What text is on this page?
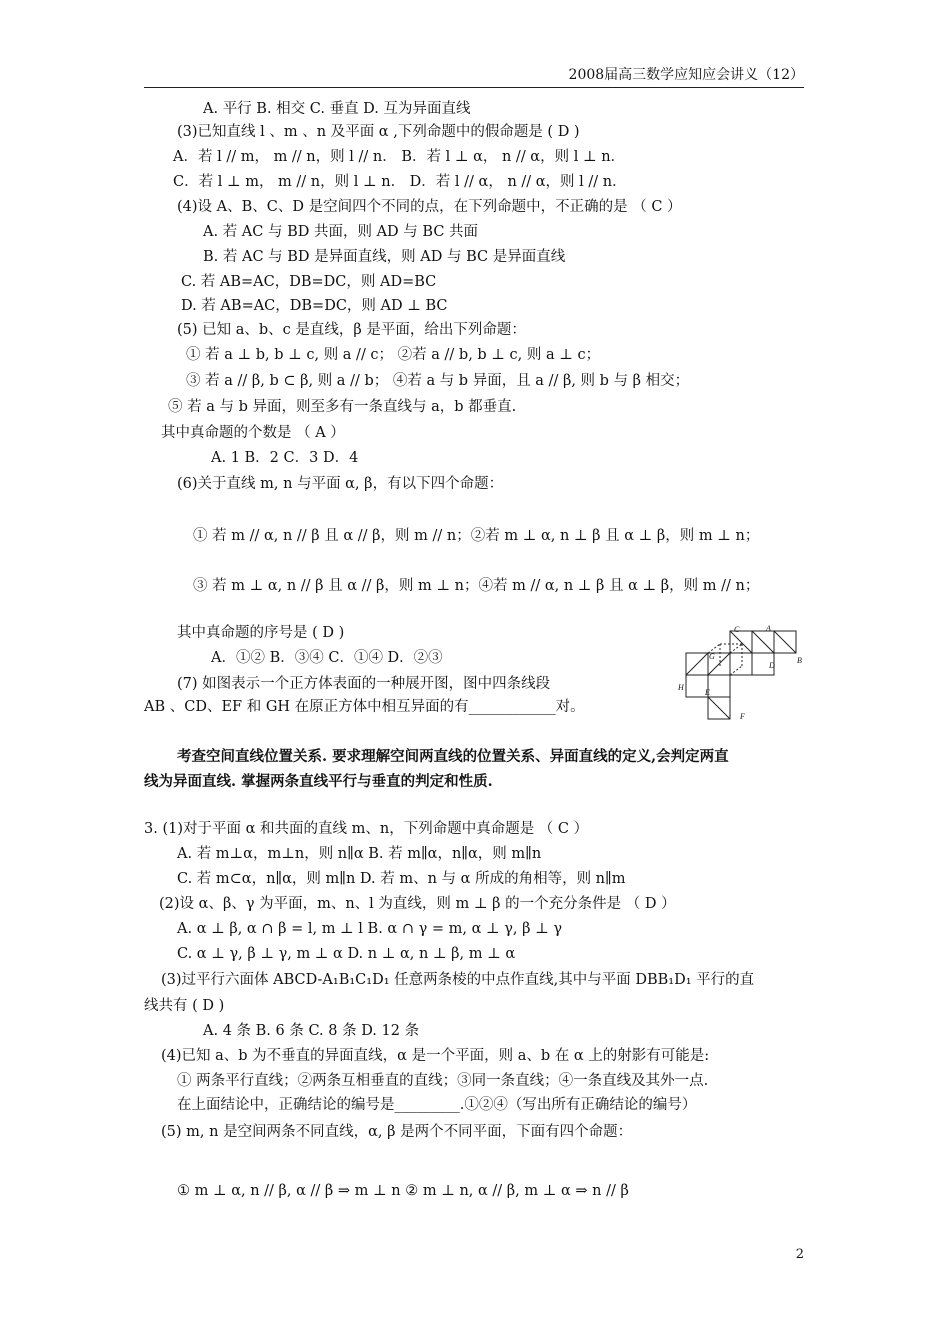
2008届高三数学应知应会讲义（12）
A. 平行 B. 相交 C. 垂直 D. 互为异面直线
(3)已知直线 l 、m 、n 及平面 α ,下列命题中的假命题是 ( D )
A．若 l // m， m // n，则 l // n． B．若 l ⊥ α， n // α，则 l ⊥ n．
C．若 l ⊥ m， m // n，则 l ⊥ n． D．若 l // α， n // α，则 l // n．
(4)设 A、B、C、D 是空间四个不同的点，在下列命题中，不正确的是 （ C ）
A. 若 AC 与 BD 共面，则 AD 与 BC 共面
B. 若 AC 与 BD 是异面直线，则 AD 与 BC 是异面直线
C. 若 AB=AC，DB=DC，则 AD=BC
D. 若 AB=AC，DB=DC，则 AD ⊥ BC
(5) 已知 a、b、c 是直线，β 是平面，给出下列命题：
① 若 a ⊥ b, b ⊥ c, 则 a // c； ②若 a // b, b ⊥ c, 则 a ⊥ c；
③ 若 a // β, b ⊂ β, 则 a // b； ④若 a 与 b 异面，且 a // β, 则 b 与 β 相交；
⑤ 若 a 与 b 异面，则至多有一条直线与 a，b 都垂直.
其中真命题的个数是 （ A ）
A. 1 B．2 C．3 D．4
(6)关于直线 m, n 与平面 α, β，有以下四个命题：
① 若 m // α, n // β 且 α // β，则 m // n；②若 m ⊥ α, n ⊥ β 且 α ⊥ β，则 m ⊥ n；
③ 若 m ⊥ α, n // β 且 α // β，则 m ⊥ n；④若 m // α, n ⊥ β 且 α ⊥ β，则 m // n；
其中真命题的序号是 ( D )
A．①② B．③④ C．①④ D．②③
(7) 如图表示一个正方体表面的一种展开图，图中四条线段
AB 、CD、EF 和 GH 在原正方体中相互异面的有____________对。
C	A
G
D
B
H
E
F
考查空间直线位置关系. 要求理解空间两直线的位置关系、异面直线的定义,会判定两直
线为异面直线. 掌握两条直线平行与垂直的判定和性质.
3. (1)对于平面 α 和共面的直线 m、n，下列命题中真命题是 （ C ）
A. 若 m⊥α，m⊥n，则 n∥α B. 若 m∥α，n∥α，则 m∥n
C. 若 m⊂α，n∥α，则 m∥n D. 若 m、n 与 α 所成的角相等，则 n∥m
(2)设 α、β、γ 为平面，m、n、l 为直线，则 m ⊥ β 的一个充分条件是 （ D ）
A. α ⊥ β, α ∩ β = l, m ⊥ l B. α ∩ γ = m, α ⊥ γ, β ⊥ γ
C. α ⊥ γ, β ⊥ γ, m ⊥ α D. n ⊥ α, n ⊥ β, m ⊥ α
(3)过平行六面体 ABCD-A₁B₁C₁D₁ 任意两条棱的中点作直线,其中与平面 DBB₁D₁ 平行的直
线共有 ( D )
A. 4 条 B. 6 条 C. 8 条 D. 12 条
(4)已知 a、b 为不垂直的异面直线，α 是一个平面，则 a、b 在 α 上的射影有可能是:
① 两条平行直线；②两条互相垂直的直线；③同一条直线；④一条直线及其外一点.
在上面结论中，正确结论的编号是_________.①②④（写出所有正确结论的编号）
(5) m, n 是空间两条不同直线，α, β 是两个不同平面，下面有四个命题：
① m ⊥ α, n // β, α // β ⇒ m ⊥ n ② m ⊥ n, α // β, m ⊥ α ⇒ n // β
2
